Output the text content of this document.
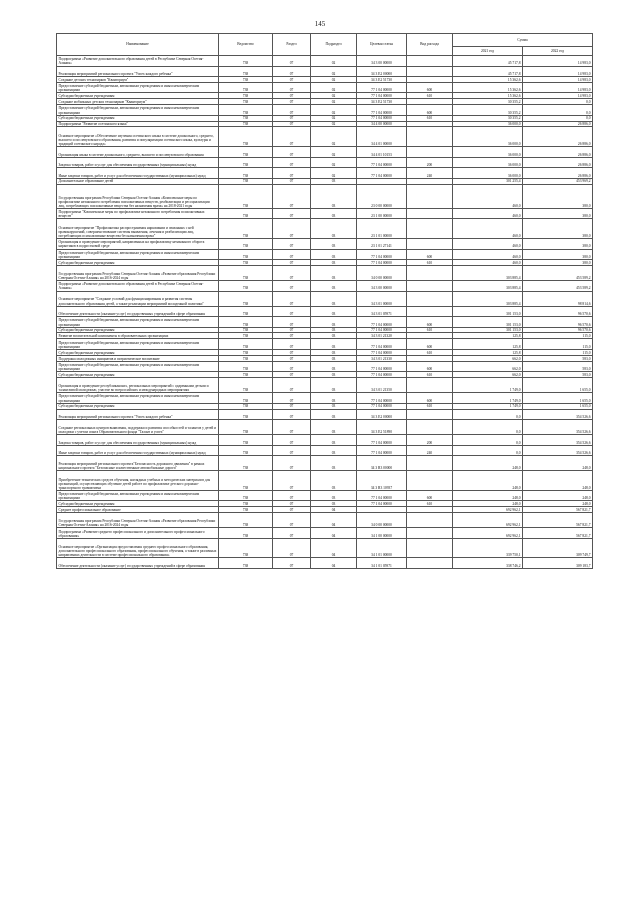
145
Наименование	Ведомство	Раздел	Подраздел	Целевая статья	Вид расхода	Сумма	
						2021 год	2022 год
Подпрограмма «Развитие дополнительного образования детей в Республике Северная Осетия-Алания»	738	07	02	34 3 00 00000		45 717,8	14 983,0
Реализация мероприятий регионального проекта "Успех каждого ребенка"	738	07	02	34 3 E2 00000		45 717,8	14 983,0
Создание детских технопарков "Кванториум"	738	07	02	34 3 E2 51730		15 362,6	14 983,0
Предоставление субсидий бюджетным, автономным учреждениям и иным некоммерческим организациям	738	07	02	77 1 04 00000	600	15 362,6	14 983,0
Субсидии бюджетным учреждениям	738	07	02	77 1 04 00000	610	15 362,6	14 983,0
Создание мобильных детских технопарков "Кванториум"	738	07	02	34 3 E2 51730		30 355,2	0,0
Предоставление субсидий бюджетным, автономным учреждениям и иным некоммерческим организациям	738	07	02	77 1 04 00000	600	30 355,2	0,0
Субсидии бюджетным учреждениям	738	07	02	77 1 04 00000	610	30 355,2	0,0
Подпрограмма "Развитие осетинского языка"	738	07	02	34 4 00 00000		36 000,0	26 886,0
Основное мероприятие «Обеспечение изучения осетинского языка в системе дошкольного, среднего, высшего и послевузовского образования, развития и популяризации осетинского языка, культуры и традиций осетинского народа»	738	07	02	34 4 01 00000		36 000,0	26 886,0
Организация языка в системе дошкольного, среднего, высшего и послевузовского образования	738	07	02	34 4 01 10153		36 000,0	26 886,0
Закупка товаров, работ и услуг для обеспечения государственных (муниципальных) нужд	738	07	02	77 1 04 00000	200	36 000,0	26 886,0
Иные закупки товаров, работ и услуг для обеспечения государственных (муниципальных) нужд	738	07	02	77 1 04 00000	240	36 000,0	26 886,0
Дополнительное образование детей	738	07	03			301 255,4	453 969,2
Государственная программа Республики Северная Осетия-Алания «Комплексные меры по профилактике незаконного потребления психоактивных веществ, реабилитации и ресоциализации лиц, потребляющих психоактивные вещества без назначения врача» на 2018-2021 годы	738	07	03	23 0 00 00000		460,0	380,0
Подпрограмма "Комплексные меры по профилактике незаконного потребления психоактивных веществ"	738	07	03	23 1 00 00000		460,0	380,0
Основное мероприятие "Профилактика распространения наркомании и связанных с ней правонарушений, совершенствование системы выявления, лечения и реабилитации лиц, потребляющих психоактивные вещества без назначения врача"	738	07	03	23 1 01 00000		460,0	380,0
Организация и проведение мероприятий, направленных на профилактику незаконного оборота наркотиков в подростковой среде	738	07	03	23 1 01 27141		460,0	380,0
Предоставление субсидий бюджетным, автономным учреждениям и иным некоммерческим организациям	738	07	03	77 1 04 00000	600	460,0	380,0
Субсидии бюджетным учреждениям	738	07	03	77 1 04 00000	610	460,0	380,0
Государственная программа Республики Северная Осетия-Алания «Развитие образования Республики Северная Осетия-Алания» на 2016-2024 годы	738	07	03	34 0 00 00000		303 885,4	453 589,2
Подпрограмма «Развитие дополнительного образования детей в Республике Северная Осетия-Алания»	738	07	03	34 3 00 00000		303 885,4	453 589,2
Основное мероприятие "Создание условий для функционирования и развития системы дополнительного образования детей, а также реализации мероприятий молодежной политики"	738	07	03	34 3 01 00000		303 885,4	98 814,6
Обеспечение деятельности (оказание услуг) государственных учреждений в сфере образования	738	07	03	34 3 01 05971		301 153,0	96 570,6
Предоставление субсидий бюджетным, автономным учреждениям и иным некоммерческим организациям	738	07	03	77 1 04 00000	600	301 153,0	96 570,6
Субсидии бюджетным учреждениям	738	07	03	77 1 04 00000	610	301 153,0	96 570,6
Развитие воспитательной компоненты в образовательных организациях	738	07	03	34 3 01 21320		125,8	115,0
Предоставление субсидий бюджетным, автономным учреждениям и иным некоммерческим организациям	738	07	03	77 1 04 00000	600	125,8	115,0
Субсидии бюджетным учреждениям	738	07	03	77 1 04 00000	610	125,8	115,0
Поддержка молодежных инициатив и патриотическое воспитание	738	07	03	34 3 01 21330		662,0	583,0
Предоставление субсидий бюджетным, автономным учреждениям и иным некоммерческим организациям	738	07	03	77 1 04 00000	600	662,0	583,0
Субсидии бюджетным учреждениям	738	07	03	77 1 04 00000	610	662,0	583,0
Организация и проведение республиканских, региональных мероприятий с одаренными детьми и талантливой молодежью, участие во всероссийских и международных мероприятиях	738	07	03	34 3 01 21350		1 749,0	1 655,0
Предоставление субсидий бюджетным, автономным учреждениям и иным некоммерческим организациям	738	07	03	77 1 04 00000	600	1 749,0	1 655,0
Субсидии бюджетным учреждениям	738	07	03	77 1 04 00000	610	1 749,0	1 655,0
Реализация мероприятий регионального проекта "Успех каждого ребенка"	738	07	03	34 3 E2 00000		0,0	354 526,6
Создание региональных центров выявления, поддержки и развития способностей и талантов у детей и молодежи с учетом опыта Образовательного фонда "Талант и успех"	738	07	03	34 3 E2 51890		0,0	354 526,6
Закупка товаров, работ и услуг для обеспечения государственных (муниципальных) нужд	738	07	03	77 1 04 00000	200	0,0	354 526,6
Иные закупки товаров, работ и услуг для обеспечения государственных (муниципальных) нужд	738	07	03	77 1 04 00000	240	0,0	354 526,6
Реализация мероприятий регионального проекта"Безопасность дорожного движения" в рамках национального проекта "Безопасные и качественные автомобильные дороги"	738	07	03	34 3 R3 00000		248,0	248,0
Приобретение технических средств обучения, наглядных учебных и методических материалов для организаций, осуществляющих обучение детей работе по профилактике детского дорожно-транспортного травматизма	738	07	03	34 3 R3 10937		248,0	248,0
Предоставление субсидий бюджетным, автономным учреждениям и иным некоммерческим организациям	738	07	03	77 1 04 00000	600	248,0	248,0
Субсидии бюджетным учреждениям	738	07	03	77 1 04 00000	610	248,0	248,0
Среднее профессиональное образование	738	07	04			692 962,1	567 821,7
Государственная программа Республики Северная Осетия-Алания «Развитие образования Республики Северная Осетия-Алания» на 2016-2024 годы	738	07	04	34 0 00 00000		692 962,1	567 821,7
Подпрограмма «Развитие среднего профессионального и дополнительного профессионального образования»	738	07	04	34 1 00 00000		692 962,1	567 821,7
Основное мероприятие «Организация предоставления среднего профессионального образования, дополнительного профессионального образования, профессионального обучения, а также в различных направлениях деятельности в системе профессионального образования»	738	07	04	34 1 01 00000		339 750,1	309 749,7
Обеспечение деятельности (оказание услуг) государственных учреждений в сфере образования	738	07	04	34 1 01 05971		338 746,2	309 183,7
